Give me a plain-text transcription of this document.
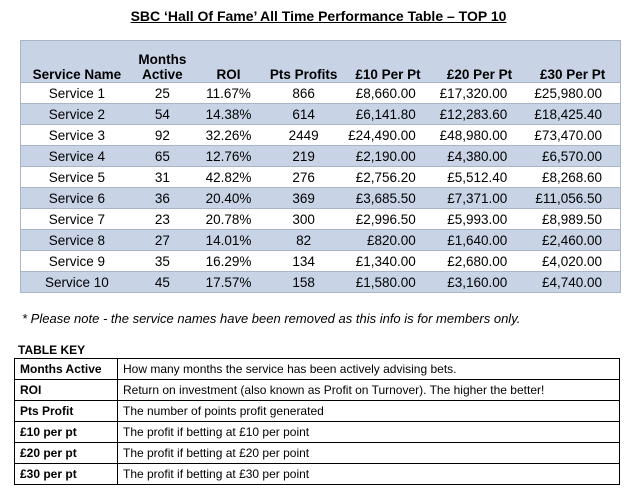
SBC ‘Hall Of Fame’ All Time Performance Table – TOP 10
Service Name	Months Active	ROI	Pts Profits	£10 Per Pt	£20 Per Pt	£30 Per Pt
Service 1	25	11.67%	866	£8,660.00	£17,320.00	£25,980.00
Service 2	54	14.38%	614	£6,141.80	£12,283.60	£18,425.40
Service 3	92	32.26%	2449	£24,490.00	£48,980.00	£73,470.00
Service 4	65	12.76%	219	£2,190.00	£4,380.00	£6,570.00
Service 5	31	42.82%	276	£2,756.20	£5,512.40	£8,268.60
Service 6	36	20.40%	369	£3,685.50	£7,371.00	£11,056.50
Service 7	23	20.78%	300	£2,996.50	£5,993.00	£8,989.50
Service 8	27	14.01%	82	£820.00	£1,640.00	£2,460.00
Service 9	35	16.29%	134	£1,340.00	£2,680.00	£4,020.00
Service 10	45	17.57%	158	£1,580.00	£3,160.00	£4,740.00
* Please note - the service names have been removed as this info is for members only.
TABLE KEY
Months Active	How many months the service has been actively advising bets.
ROI	Return on investment (also known as Profit on Turnover). The higher the better!
Pts Profit	The number of points profit generated
£10 per pt	The profit if betting at £10 per point
£20 per pt	The profit if betting at £20 per point
£30 per pt	The profit if betting at £30 per point
